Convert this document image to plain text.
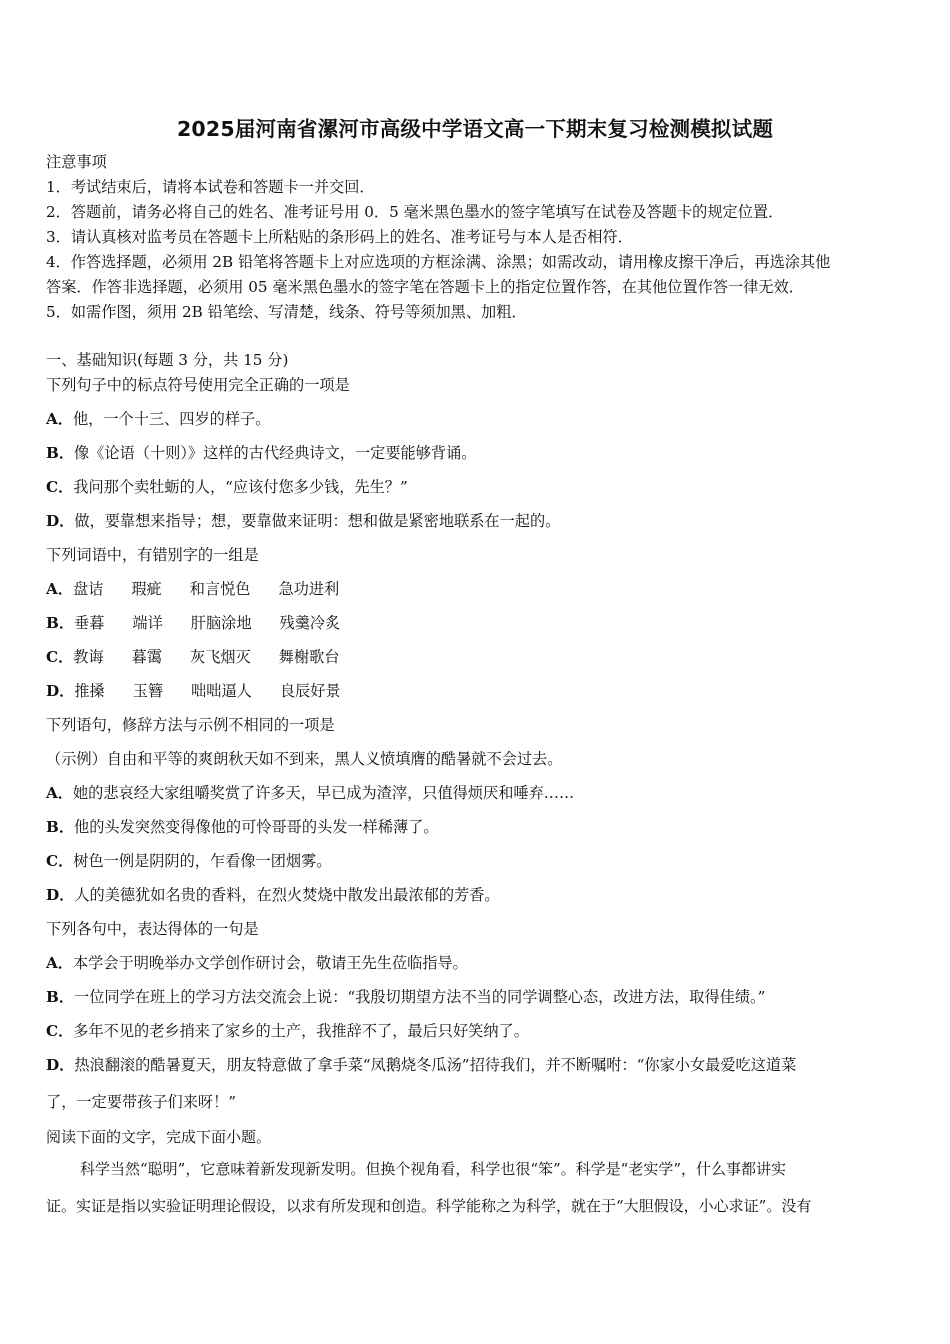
2025届河南省漯河市高级中学语文高一下期末复习检测模拟试题
注意事项
1．考试结束后，请将本试卷和答题卡一并交回．
2．答题前，请务必将自己的姓名、准考证号用 0．5 毫米黑色墨水的签字笔填写在试卷及答题卡的规定位置．
3．请认真核对监考员在答题卡上所粘贴的条形码上的姓名、准考证号与本人是否相符．
4．作答选择题，必须用 2B 铅笔将答题卡上对应选项的方框涂满、涂黑；如需改动，请用橡皮擦干净后，再选涂其他
答案．作答非选择题，必须用 05 毫米黑色墨水的签字笔在答题卡上的指定位置作答，在其他位置作答一律无效．
5．如需作图，须用 2B 铅笔绘、写清楚，线条、符号等须加黑、加粗．
一、基础知识(每题 3 分，共 15 分)
下列句子中的标点符号使用完全正确的一项是
A．他，一个十三、四岁的样子。
B．像《论语（十则）》这样的古代经典诗文，一定要能够背诵。
C．我问那个卖牡蛎的人，“应该付您多少钱，先生？”
D．做，要靠想来指导；想，要靠做来证明：想和做是紧密地联系在一起的。
下列词语中，有错别字的一组是
A．盘诘 瑕疵 和言悦色 急功进利
B．垂暮 端详 肝脑涂地 残羹冷炙
C．教诲 暮霭 灰飞烟灭 舞榭歌台
D．推搡 玉簪 咄咄逼人 良辰好景
下列语句，修辞方法与示例不相同的一项是
（示例）自由和平等的爽朗秋天如不到来，黑人义愤填膺的酷暑就不会过去。
A．她的悲哀经大家组嚼奖赏了许多天，早已成为渣滓，只值得烦厌和唾弃……
B．他的头发突然变得像他的可怜哥哥的头发一样稀薄了。
C．树色一例是阴阴的，乍看像一团烟雾。
D．人的美德犹如名贵的香料，在烈火焚烧中散发出最浓郁的芳香。
下列各句中，表达得体的一句是
A．本学会于明晚举办文学创作研讨会，敬请王先生莅临指导。
B．一位同学在班上的学习方法交流会上说：“我殷切期望方法不当的同学调整心态，改进方法，取得佳绩。”
C．多年不见的老乡捎来了家乡的土产，我推辞不了，最后只好笑纳了。
D．热浪翻滚的酷暑夏天，朋友特意做了拿手菜“凤鹅烧冬瓜汤”招待我们，并不断嘱咐：“你家小女最爱吃这道菜
了，一定要带孩子们来呀！”
阅读下面的文字，完成下面小题。
科学当然“聪明”，它意味着新发现新发明。但换个视角看，科学也很“笨”。科学是“老实学”，什么事都讲实
证。实证是指以实验证明理论假设，以求有所发现和创造。科学能称之为科学，就在于“大胆假设，小心求证”。没有
